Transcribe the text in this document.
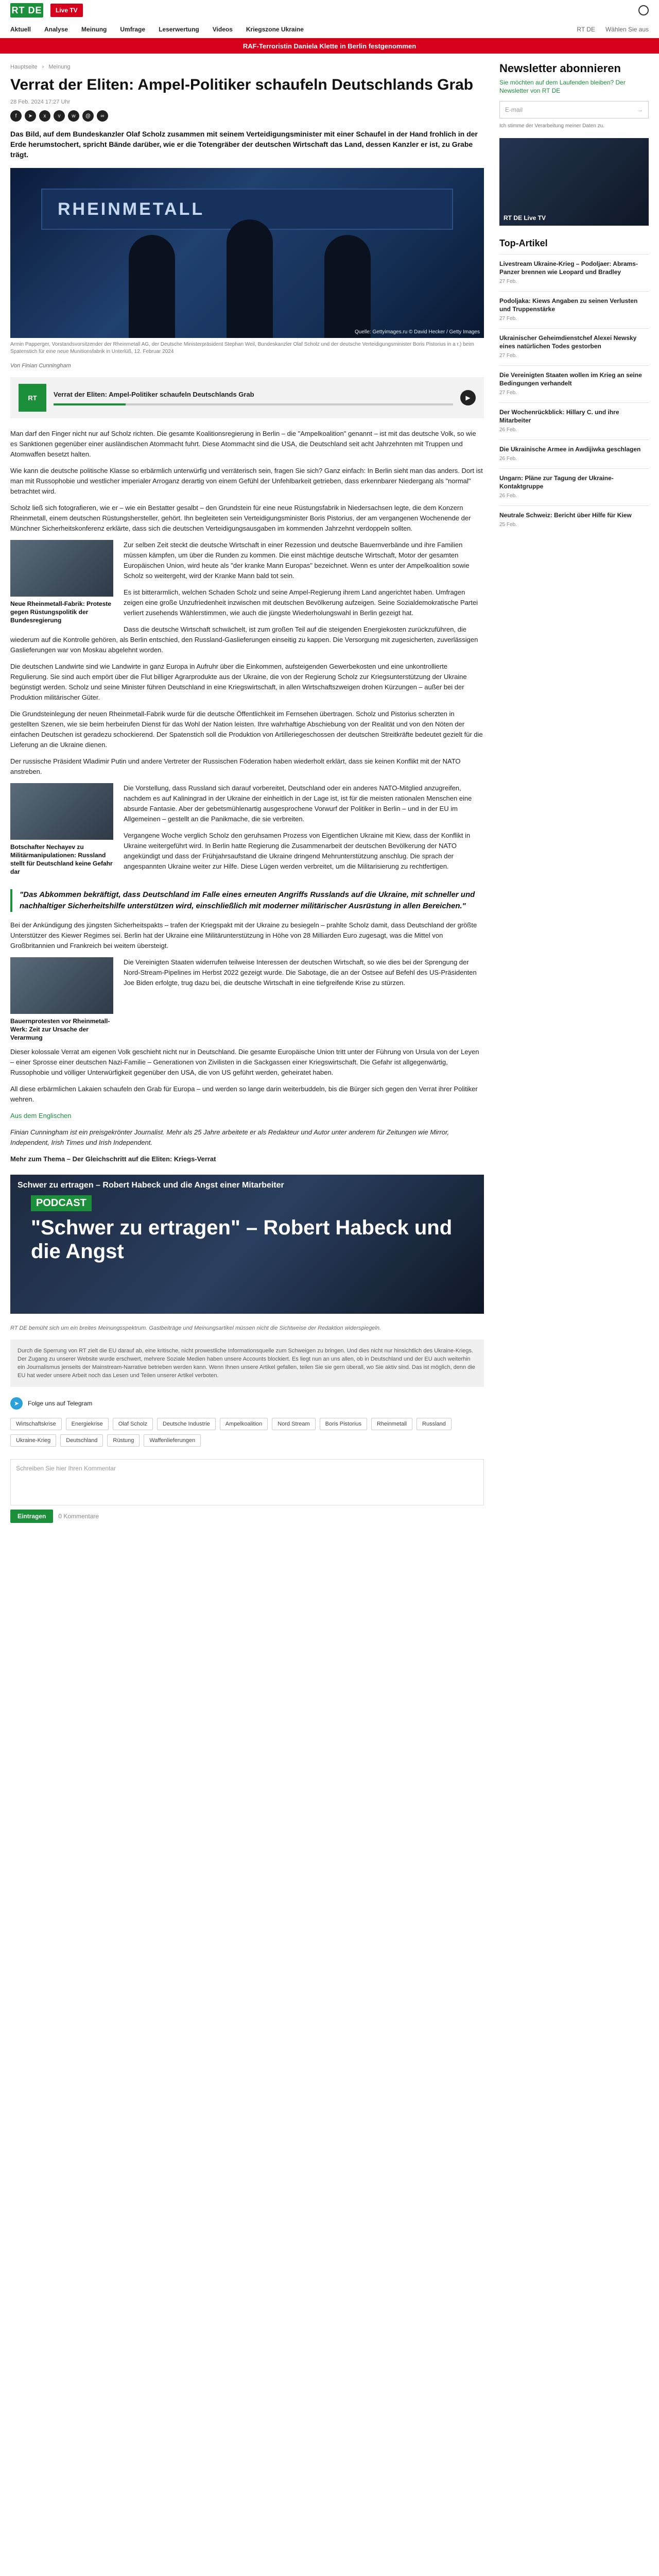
RT DE	Live TV
Aktuell Analyse Meinung Umfrage Leserwertung Videos Kriegszone Ukraine	RT DE Wählen Sie aus
RAF-Terroristin Daniela Klette in Berlin festgenommen
Hauptseite › Meinung
Verrat der Eliten: Ampel-Politiker schaufeln Deutschlands Grab
28 Feb. 2024 17:27 Uhr
f	➤	x	v	w	@	∞

Das Bild, auf dem Bundeskanzler Olaf Scholz zusammen mit seinem Verteidigungsminister mit einer Schaufel in der Hand frohlich in der Erde herumstochert, spricht Bände darüber, wie er die Totengräber der deutschen Wirtschaft das Land, dessen Kanzler er ist, zu Grabe trägt.

RHEINMETALL
Quelle: Gettyimages.ru © David Hecker / Getty Images

Armin Papperger, Vorstandsvorsitzender der Rheinmetall AG, der Deutsche Ministerpräsident Stephan Weil, Bundeskanzler Olaf Scholz und der deutsche Verteidigungsminister Boris Pistorius in a r.) beim Spatenstich für eine neue Munitionsfabrik in Unterlüß, 12. Februar 2024

Von Finian Cunningham

RT	Verrat der Eliten: Ampel-Politiker schaufeln Deutschlands Grab	▶

Man darf den Finger nicht nur auf Scholz richten. Die gesamte Koalitionsregierung in Berlin – die "Ampelkoalition" genannt – ist mit das deutsche Volk, so wie es Sanktionen gegenüber einer ausländischen Atommacht fuhrt. Diese Atommacht sind die USA, die Deutschland seit acht Jahrzehnten mit Truppen und Atomwaffen besetzt halten.

Wie kann die deutsche politische Klasse so erbärmlich unterwürfig und verräterisch sein, fragen Sie sich? Ganz einfach: In Berlin sieht man das anders. Dort ist man mit Russophobie und westlicher imperialer Arroganz derartig von einem Gefühl der Unfehlbarkeit getrieben, dass erkennbarer Niedergang als "normal" betrachtet wird.

Scholz ließ sich fotografieren, wie er – wie ein Bestatter gesalbt – den Grundstein für eine neue Rüstungsfabrik in Niedersachsen legte, die dem Konzern Rheinmetall, einem deutschen Rüstungshersteller, gehört. Ihn begleiteten sein Verteidigungsminister Boris Pistorius, der am vergangenen Wochenende der Münchner Sicherheitskonferenz erklärte, dass sich die deutschen Verteidigungsausgaben im kommenden Jahrzehnt verdoppeln sollten.

Neue Rheinmetall-Fabrik: Proteste gegen Rüstungspolitik der Bundesregierung

Zur selben Zeit steckt die deutsche Wirtschaft in einer Rezession und deutsche Bauernverbände und ihre Familien müssen kämpfen, um über die Runden zu kommen. Die einst mächtige deutsche Wirtschaft, Motor der gesamten Europäischen Union, wird heute als "der kranke Mann Europas" bezeichnet. Wenn es unter der Ampelkoalition sowie Scholz so weitergeht, wird der Kranke Mann bald tot sein.

Es ist bitterarmlich, welchen Schaden Scholz und seine Ampel-Regierung ihrem Land angerichtet haben. Umfragen zeigen eine große Unzufriedenheit inzwischen mit deutschen Bevölkerung aufzeigen. Seine Sozialdemokratische Partei verliert zusehends Wählerstimmen, wie auch die jüngste Wiederholungswahl in Berlin gezeigt hat.

Dass die deutsche Wirtschaft schwächelt, ist zum großen Teil auf die steigenden Energiekosten zurückzuführen, die wiederum auf die Kontrolle gehören, als Berlin entschied, den Russland-Gaslieferungen einseitig zu kappen. Die Versorgung mit zugesicherten, zuverlässigen Gaslieferungen war von Moskau abgelehnt worden.

Die deutschen Landwirte sind wie Landwirte in ganz Europa in Aufruhr über die Einkommen, aufsteigenden Gewerbekosten und eine unkontrollierte Regulierung. Sie sind auch empört über die Flut billiger Agrarprodukte aus der Ukraine, die von der Regierung Scholz zur Kriegsunterstützung der Ukraine begünstigt werden. Scholz und seine Minister führen Deutschland in eine Kriegswirtschaft, in allen Wirtschaftszweigen drohen Kürzungen – außer bei der Produktion militärischer Güter.

Die Grundsteinlegung der neuen Rheinmetall-Fabrik wurde für die deutsche Öffentlichkeit im Fernsehen übertragen. Scholz und Pistorius scherzten in gestellten Szenen, wie sie beim herbeirufen Dienst für das Wohl der Nation leisten. Ihre wahrhaftige Abschiebung von der Realität und von den Nöten der einfachen Deutschen ist geradezu schockierend. Der Spatenstich soll die Produktion von Artilleriegeschossen der deutschen Streitkräfte bedeutet gezielt für die Lieferung an die Ukraine dienen.

Der russische Präsident Wladimir Putin und andere Vertreter der Russischen Föderation haben wiederholt erklärt, dass sie keinen Konflikt mit der NATO anstreben.

Botschafter Nechayev zu Militärmanipulationen: Russland stellt für Deutschland keine Gefahr dar

Die Vorstellung, dass Russland sich darauf vorbereitet, Deutschland oder ein anderes NATO-Mitglied anzugreifen, nachdem es auf Kaliningrad in der Ukraine der einheitlich in der Lage ist, ist für die meisten rationalen Menschen eine absurde Fantasie. Aber der gebetsmühlenartig ausgesprochene Vorwurf der Politiker in Berlin – und in der EU im Allgemeinen – gestellt an die Panikmache, die sie verbreiten.

Vergangene Woche verglich Scholz den geruhsamen Prozess von Eigentlichen Ukraine mit Kiew, dass der Konflikt in Ukraine weitergeführt wird. In Berlin hatte Regierung die Zusammenarbeit der deutschen Bevölkerung der NATO angekündigt und dass der Frühjahrsaufstand die Ukraine dringend Mehrunterstützung anschlug. Die sprach der angespannten Ukraine weiter zur Hilfe. Diese Lügen werden verbreitet, um die Militarisierung zu rechtfertigen.

"Das Abkommen bekräftigt, dass Deutschland im Falle eines erneuten Angriffs Russlands auf die Ukraine, mit schneller und nachhaltiger Sicherheitshilfe unterstützen wird, einschließlich mit moderner militärischer Ausrüstung in allen Bereichen."

Bei der Ankündigung des jüngsten Sicherheitspakts – trafen der Kriegspakt mit der Ukraine zu besiegeln – prahlte Scholz damit, dass Deutschland der größte Unterstützer des Kiewer Regimes sei. Berlin hat der Ukraine eine Militärunterstützung in Höhe von 28 Milliarden Euro zugesagt, was die Mittel von Großbritannien und Frankreich bei weitem übersteigt.

Bauernprotesten vor Rheinmetall-Werk: Zeit zur Ursache der Verarmung

Die Vereinigten Staaten widerrufen teilweise Interessen der deutschen Wirtschaft, so wie dies bei der Sprengung der Nord-Stream-Pipelines im Herbst 2022 gezeigt wurde. Die Sabotage, die an der Ostsee auf Befehl des US-Präsidenten Joe Biden erfolgte, trug dazu bei, die deutsche Wirtschaft in eine tiefgreifende Krise zu stürzen.

Dieser kolossale Verrat am eigenen Volk geschieht nicht nur in Deutschland. Die gesamte Europäische Union tritt unter der Führung von Ursula von der Leyen – einer Sprosse einer deutschen Nazi-Familie – Generationen von Zivilisten in die Sackgassen einer Kriegswirtschaft. Die Gefahr ist allgegenwärtig, Russophobie und völliger Unterwürfigkeit gegenüber den USA, die von US geführt werden, geheiratet haben.

All diese erbärmlichen Lakaien schaufeln den Grab für Europa – und werden so lange darin weiterbuddeln, bis die Bürger sich gegen den Verrat ihrer Politiker wehren.

Aus dem Englischen

Finian Cunningham ist ein preisgekrönter Journalist. Mehr als 25 Jahre arbeitete er als Redakteur und Autor unter anderem für Zeitungen wie Mirror, Independent, Irish Times und Irish Independent.

Mehr zum Thema – Der Gleichschritt auf die Eliten: Kriegs-Verrat

Schwer zu ertragen – Robert Habeck und die Angst einer Mitarbeiter
PODCAST
"Schwer zu ertragen" – Robert Habeck und die Angst

RT DE bemüht sich um ein breites Meinungsspektrum. Gastbeiträge und Meinungsartikel müssen nicht die Sichtweise der Redaktion widerspiegeln.

Durch die Sperrung von RT zielt die EU darauf ab, eine kritische, nicht prowestliche Informationsquelle zum Schweigen zu bringen. Und dies nicht nur hinsichtlich des Ukraine-Kriegs. Der Zugang zu unserer Website wurde erschwert, mehrere Soziale Medien haben unsere Accounts blockiert. Es liegt nun an uns allen, ob in Deutschland und der EU auch weiterhin ein Journalismus jenseits der Mainstream-Narrative betrieben werden kann. Wenn Ihnen unsere Artikel gefallen, teilen Sie sie gern überall, wo Sie aktiv sind. Das ist möglich, denn die EU hat weder unsere Arbeit noch das Lesen und Teilen unserer Artikel verboten.
➤	Folge uns auf Telegram
Wirtschaftskrise	Energiekrise	Olaf Scholz	Deutsche Industrie	Ampelkoalition	Nord Stream	Boris Pistorius	Rheinmetall	Russland
Ukraine-Krieg	Deutschland	Rüstung	Waffenlieferungen
Schreiben Sie hier Ihren Kommentar
Eintragen	0 Kommentare
Newsletter abonnieren
Sie möchten auf dem Laufenden bleiben? Der Newsletter von RT DE
E-mail	→
Ich stimme der Verarbeitung meiner Daten zu.
RT DE Live TV
Top-Artikel
Livestream Ukraine-Krieg – Podoljaer: Abrams-Panzer brennen wie Leopard und Bradley
27 Feb.
Podoljaka: Kiews Angaben zu seinen Verlusten und Truppenstärke
27 Feb.
Ukrainischer Geheimdienstchef Alexei Newsky eines natürlichen Todes gestorben
27 Feb.
Die Vereinigten Staaten wollen im Krieg an seine Bedingungen verhandelt
27 Feb.
Der Wochenrückblick: Hillary C. und ihre Mitarbeiter
26 Feb.
Die Ukrainische Armee in Awdijiwka geschlagen
26 Feb.
Ungarn: Pläne zur Tagung der Ukraine-Kontaktgruppe
26 Feb.
Neutrale Schweiz: Bericht über Hilfe für Kiew
25 Feb.
